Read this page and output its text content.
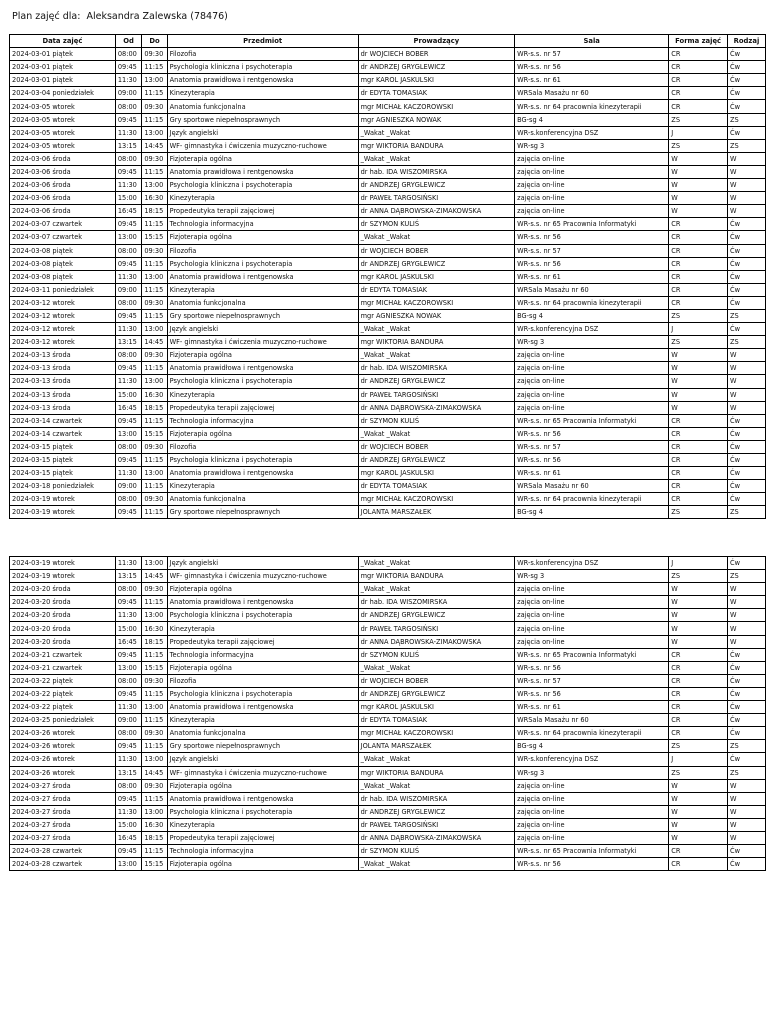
Plan zajęć dla:  Aleksandra Zalewska (78476)
Data zajęć	Od	Do	Przedmiot	Prowadzący	Sala	Forma zajęć	Rodzaj
2024-03-01 piątek	08:00	09:30	Filozofia	dr WOJCIECH BOBER	WR-s.s. nr 57	CR	Ćw
2024-03-01 piątek	09:45	11:15	Psychologia kliniczna i psychoterapia	dr ANDRZEJ GRYGLEWICZ	WR-s.s. nr 56	CR	Ćw
2024-03-01 piątek	11:30	13:00	Anatomia prawidłowa i rentgenowska	mgr KAROL JASKULSKI	WR-s.s. nr 61	CR	Ćw
2024-03-04 poniedziałek	09:00	11:15	Kinezyterapia	dr EDYTA TOMASIAK	WRSala Masażu nr 60	CR	Ćw
2024-03-05 wtorek	08:00	09:30	Anatomia funkcjonalna	mgr MICHAŁ KACZOROWSKI	WR-s.s. nr 64 pracownia kinezyterapii	CR	Ćw
2024-03-05 wtorek	09:45	11:15	Gry sportowe niepełnosprawnych	mgr AGNIESZKA NOWAK	BG-sg 4	ZS	ZS
2024-03-05 wtorek	11:30	13:00	Język angielski	_Wakat _Wakat	WR-s.konferencyjna DSZ	J	Ćw
2024-03-05 wtorek	13:15	14:45	WF- gimnastyka i ćwiczenia muzyczno-ruchowe	mgr WIKTORIA BANDURA	WR-sg 3	ZS	ZS
2024-03-06 środa	08:00	09:30	Fizjoterapia ogólna	_Wakat _Wakat	zajęcia on-line	W	W
2024-03-06 środa	09:45	11:15	Anatomia prawidłowa i rentgenowska	dr hab. IDA WISZOMIRSKA	zajęcia on-line	W	W
2024-03-06 środa	11:30	13:00	Psychologia kliniczna i psychoterapia	dr ANDRZEJ GRYGLEWICZ	zajęcia on-line	W	W
2024-03-06 środa	15:00	16:30	Kinezyterapia	dr PAWEŁ TARGOSIŃSKI	zajęcia on-line	W	W
2024-03-06 środa	16:45	18:15	Propedeutyka terapii zajęciowej	dr ANNA DĄBROWSKA-ZIMAKOWSKA	zajęcia on-line	W	W
2024-03-07 czwartek	09:45	11:15	Technologia informacyjna	dr SZYMON KULIŚ	WR-s.s. nr 65 Pracownia Informatyki	CR	Ćw
2024-03-07 czwartek	13:00	15:15	Fizjoterapia ogólna	_Wakat _Wakat	WR-s.s. nr 56	CR	Ćw
2024-03-08 piątek	08:00	09:30	Filozofia	dr WOJCIECH BOBER	WR-s.s. nr 57	CR	Ćw
2024-03-08 piątek	09:45	11:15	Psychologia kliniczna i psychoterapia	dr ANDRZEJ GRYGLEWICZ	WR-s.s. nr 56	CR	Ćw
2024-03-08 piątek	11:30	13:00	Anatomia prawidłowa i rentgenowska	mgr KAROL JASKULSKI	WR-s.s. nr 61	CR	Ćw
2024-03-11 poniedziałek	09:00	11:15	Kinezyterapia	dr EDYTA TOMASIAK	WRSala Masażu nr 60	CR	Ćw
2024-03-12 wtorek	08:00	09:30	Anatomia funkcjonalna	mgr MICHAŁ KACZOROWSKI	WR-s.s. nr 64 pracownia kinezyterapii	CR	Ćw
2024-03-12 wtorek	09:45	11:15	Gry sportowe niepełnosprawnych	mgr AGNIESZKA NOWAK	BG-sg 4	ZS	ZS
2024-03-12 wtorek	11:30	13:00	Język angielski	_Wakat _Wakat	WR-s.konferencyjna DSZ	J	Ćw
2024-03-12 wtorek	13:15	14:45	WF- gimnastyka i ćwiczenia muzyczno-ruchowe	mgr WIKTORIA BANDURA	WR-sg 3	ZS	ZS
2024-03-13 środa	08:00	09:30	Fizjoterapia ogólna	_Wakat _Wakat	zajęcia on-line	W	W
2024-03-13 środa	09:45	11:15	Anatomia prawidłowa i rentgenowska	dr hab. IDA WISZOMIRSKA	zajęcia on-line	W	W
2024-03-13 środa	11:30	13:00	Psychologia kliniczna i psychoterapia	dr ANDRZEJ GRYGLEWICZ	zajęcia on-line	W	W
2024-03-13 środa	15:00	16:30	Kinezyterapia	dr PAWEŁ TARGOSIŃSKI	zajęcia on-line	W	W
2024-03-13 środa	16:45	18:15	Propedeutyka terapii zajęciowej	dr ANNA DĄBROWSKA-ZIMAKOWSKA	zajęcia on-line	W	W
2024-03-14 czwartek	09:45	11:15	Technologia informacyjna	dr SZYMON KULIŚ	WR-s.s. nr 65 Pracownia Informatyki	CR	Ćw
2024-03-14 czwartek	13:00	15:15	Fizjoterapia ogólna	_Wakat _Wakat	WR-s.s. nr 56	CR	Ćw
2024-03-15 piątek	08:00	09:30	Filozofia	dr WOJCIECH BOBER	WR-s.s. nr 57	CR	Ćw
2024-03-15 piątek	09:45	11:15	Psychologia kliniczna i psychoterapia	dr ANDRZEJ GRYGLEWICZ	WR-s.s. nr 56	CR	Ćw
2024-03-15 piątek	11:30	13:00	Anatomia prawidłowa i rentgenowska	mgr KAROL JASKULSKI	WR-s.s. nr 61	CR	Ćw
2024-03-18 poniedziałek	09:00	11:15	Kinezyterapia	dr EDYTA TOMASIAK	WRSala Masażu nr 60	CR	Ćw
2024-03-19 wtorek	08:00	09:30	Anatomia funkcjonalna	mgr MICHAŁ KACZOROWSKI	WR-s.s. nr 64 pracownia kinezyterapii	CR	Ćw
2024-03-19 wtorek	09:45	11:15	Gry sportowe niepełnosprawnych	JOLANTA MARSZAŁEK	BG-sg 4	ZS	ZS
2024-03-19 wtorek	11:30	13:00	Język angielski	_Wakat _Wakat	WR-s.konferencyjna DSZ	J	Ćw
2024-03-19 wtorek	13:15	14:45	WF- gimnastyka i ćwiczenia muzyczno-ruchowe	mgr WIKTORIA BANDURA	WR-sg 3	ZS	ZS
2024-03-20 środa	08:00	09:30	Fizjoterapia ogólna	_Wakat _Wakat	zajęcia on-line	W	W
2024-03-20 środa	09:45	11:15	Anatomia prawidłowa i rentgenowska	dr hab. IDA WISZOMIRSKA	zajęcia on-line	W	W
2024-03-20 środa	11:30	13:00	Psychologia kliniczna i psychoterapia	dr ANDRZEJ GRYGLEWICZ	zajęcia on-line	W	W
2024-03-20 środa	15:00	16:30	Kinezyterapia	dr PAWEŁ TARGOSIŃSKI	zajęcia on-line	W	W
2024-03-20 środa	16:45	18:15	Propedeutyka terapii zajęciowej	dr ANNA DĄBROWSKA-ZIMAKOWSKA	zajęcia on-line	W	W
2024-03-21 czwartek	09:45	11:15	Technologia informacyjna	dr SZYMON KULIŚ	WR-s.s. nr 65 Pracownia Informatyki	CR	Ćw
2024-03-21 czwartek	13:00	15:15	Fizjoterapia ogólna	_Wakat _Wakat	WR-s.s. nr 56	CR	Ćw
2024-03-22 piątek	08:00	09:30	Filozofia	dr WOJCIECH BOBER	WR-s.s. nr 57	CR	Ćw
2024-03-22 piątek	09:45	11:15	Psychologia kliniczna i psychoterapia	dr ANDRZEJ GRYGLEWICZ	WR-s.s. nr 56	CR	Ćw
2024-03-22 piątek	11:30	13:00	Anatomia prawidłowa i rentgenowska	mgr KAROL JASKULSKI	WR-s.s. nr 61	CR	Ćw
2024-03-25 poniedziałek	09:00	11:15	Kinezyterapia	dr EDYTA TOMASIAK	WRSala Masażu nr 60	CR	Ćw
2024-03-26 wtorek	08:00	09:30	Anatomia funkcjonalna	mgr MICHAŁ KACZOROWSKI	WR-s.s. nr 64 pracownia kinezyterapii	CR	Ćw
2024-03-26 wtorek	09:45	11:15	Gry sportowe niepełnosprawnych	JOLANTA MARSZAŁEK	BG-sg 4	ZS	ZS
2024-03-26 wtorek	11:30	13:00	Język angielski	_Wakat _Wakat	WR-s.konferencyjna DSZ	J	Ćw
2024-03-26 wtorek	13:15	14:45	WF- gimnastyka i ćwiczenia muzyczno-ruchowe	mgr WIKTORIA BANDURA	WR-sg 3	ZS	ZS
2024-03-27 środa	08:00	09:30	Fizjoterapia ogólna	_Wakat _Wakat	zajęcia on-line	W	W
2024-03-27 środa	09:45	11:15	Anatomia prawidłowa i rentgenowska	dr hab. IDA WISZOMIRSKA	zajęcia on-line	W	W
2024-03-27 środa	11:30	13:00	Psychologia kliniczna i psychoterapia	dr ANDRZEJ GRYGLEWICZ	zajęcia on-line	W	W
2024-03-27 środa	15:00	16:30	Kinezyterapia	dr PAWEŁ TARGOSIŃSKI	zajęcia on-line	W	W
2024-03-27 środa	16:45	18:15	Propedeutyka terapii zajęciowej	dr ANNA DĄBROWSKA-ZIMAKOWSKA	zajęcia on-line	W	W
2024-03-28 czwartek	09:45	11:15	Technologia informacyjna	dr SZYMON KULIŚ	WR-s.s. nr 65 Pracownia Informatyki	CR	Ćw
2024-03-28 czwartek	13:00	15:15	Fizjoterapia ogólna	_Wakat _Wakat	WR-s.s. nr 56	CR	Ćw
